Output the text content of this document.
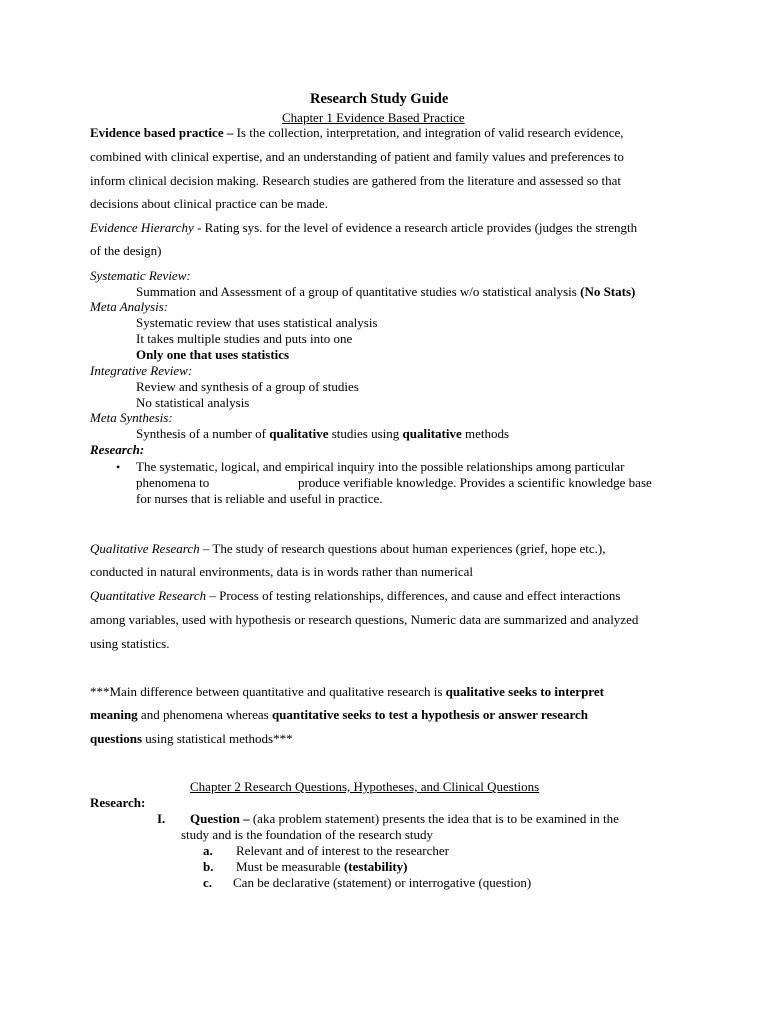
Research Study Guide
Chapter 1 Evidence Based Practice
Evidence based practice – Is the collection, interpretation, and integration of valid research evidence,
combined with clinical expertise, and an understanding of patient and family values and preferences to
inform clinical decision making. Research studies are gathered from the literature and assessed so that
decisions about clinical practice can be made.
Evidence Hierarchy - Rating sys. for the level of evidence a research article provides (judges the strength
of the design)
Systematic Review:
Summation and Assessment of a group of quantitative studies w/o statistical analysis (No Stats)
Meta Analysis:
Systematic review that uses statistical analysis
It takes multiple studies and puts into one
Only one that uses statistics
Integrative Review:
Review and synthesis of a group of studies
No statistical analysis
Meta Synthesis:
Synthesis of a number of qualitative studies using qualitative methods
Research:
• The systematic, logical, and empirical inquiry into the possible relationships among particular
phenomena to	produce verifiable knowledge. Provides a scientific knowledge base
for nurses that is reliable and useful in practice.
Qualitative Research – The study of research questions about human experiences (grief, hope etc.),
conducted in natural environments, data is in words rather than numerical
Quantitative Research – Process of testing relationships, differences, and cause and effect interactions
among variables, used with hypothesis or research questions, Numeric data are summarized and analyzed
using statistics.
***Main difference between quantitative and qualitative research is qualitative seeks to interpret
meaning and phenomena whereas quantitative seeks to test a hypothesis or answer research
questions using statistical methods***
Chapter 2 Research Questions, Hypotheses, and Clinical Questions
Research:
I. Question – (aka problem statement) presents the idea that is to be examined in the
study and is the foundation of the research study
a. Relevant and of interest to the researcher
b. Must be measurable (testability)
c. Can be declarative (statement) or interrogative (question)
